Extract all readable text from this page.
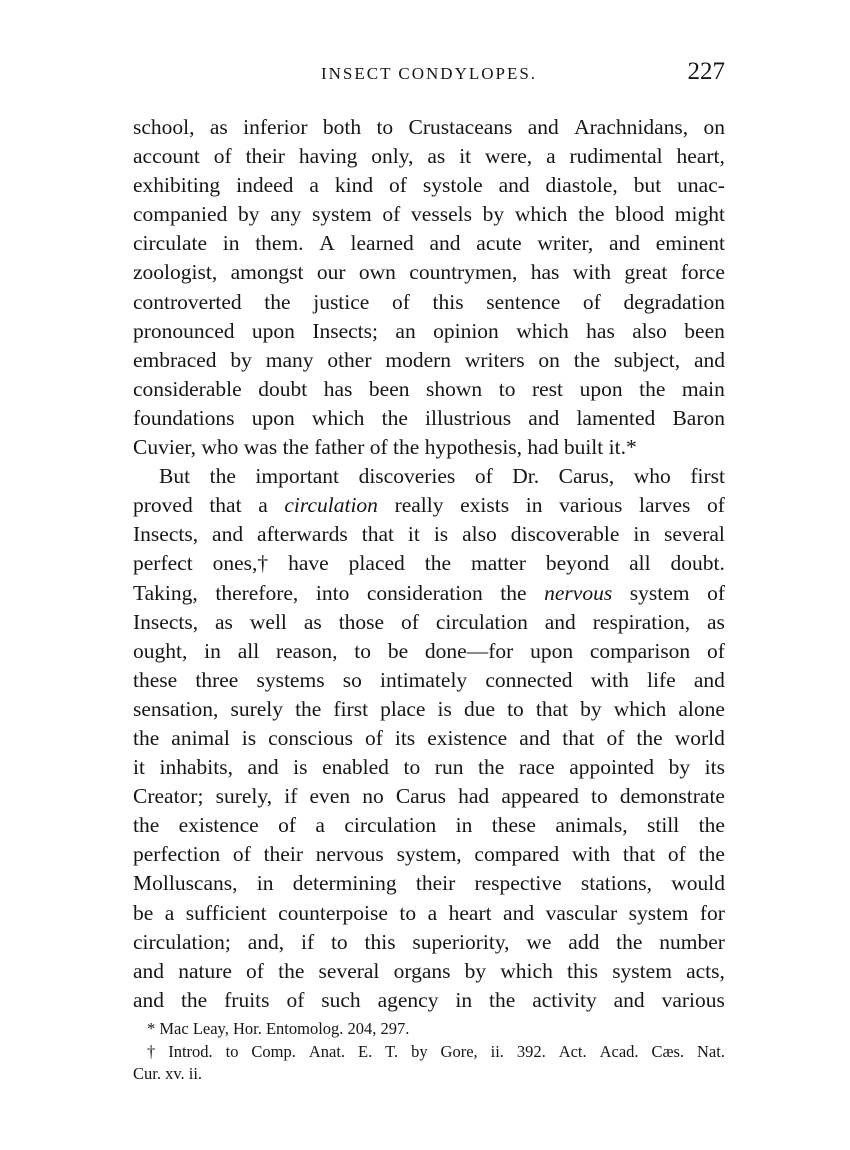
INSECT CONDYLOPES.	227
school, as inferior both to Crustaceans and Arachnidans, on
account of their having only, as it were, a rudimental heart,
exhibiting indeed a kind of systole and diastole, but unac-
companied by any system of vessels by which the blood might
circulate in them. A learned and acute writer, and eminent
zoologist, amongst our own countrymen, has with great force
controverted the justice of this sentence of degradation
pronounced upon Insects; an opinion which has also been
embraced by many other modern writers on the subject, and
considerable doubt has been shown to rest upon the main
foundations upon which the illustrious and lamented Baron
Cuvier, who was the father of the hypothesis, had built it.*
But the important discoveries of Dr. Carus, who first
proved that a circulation really exists in various larves of
Insects, and afterwards that it is also discoverable in several
perfect ones,† have placed the matter beyond all doubt.
Taking, therefore, into consideration the nervous system of
Insects, as well as those of circulation and respiration, as
ought, in all reason, to be done—for upon comparison of
these three systems so intimately connected with life and
sensation, surely the first place is due to that by which alone
the animal is conscious of its existence and that of the world
it inhabits, and is enabled to run the race appointed by its
Creator; surely, if even no Carus had appeared to demonstrate
the existence of a circulation in these animals, still the
perfection of their nervous system, compared with that of the
Molluscans, in determining their respective stations, would
be a sufficient counterpoise to a heart and vascular system for
circulation; and, if to this superiority, we add the number
and nature of the several organs by which this system acts,
and the fruits of such agency in the activity and various
* Mac Leay, Hor. Entomolog. 204, 297.
† Introd. to Comp. Anat. E. T. by Gore, ii. 392. Act. Acad. Cæs. Nat.
Cur. xv. ii.
